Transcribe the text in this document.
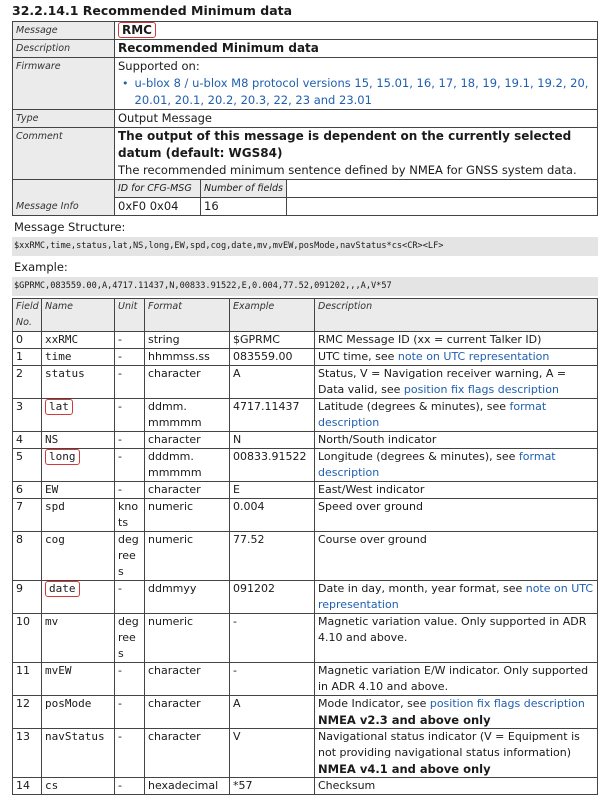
32.2.14.1 Recommended Minimum data
Message	RMC		
Description	Recommended Minimum data		
Firmware	Supported on:
• u-blox 8 / u-blox M8 protocol versions 15, 15.01, 16, 17, 18, 19, 19.1, 19.2, 20, 20.01, 20.1, 20.2, 20.3, 22, 23 and 23.01		

Type	Output Message		
Comment	The output of this message is dependent on the currently selected datum (default: WGS84)
The recommended minimum sentence defined by NMEA for GNSS system data.		

Message Info	ID for CFG-MSG	Number of fields	
	0xF0 0x04	16	
Message Structure:
$xxRMC,time,status,lat,NS,long,EW,spd,cog,date,mv,mvEW,posMode,navStatus*cs<CR><LF>
Example:
$GPRMC,083559.00,A,4717.11437,N,00833.91522,E,0.004,77.52,091202,,,A,V*57
Field No.	Name	Unit	Format	Example	Description
0	xxRMC	-	string	$GPRMC	RMC Message ID (xx = current Talker ID)
1	time	-	hhmmss.ss	083559.00	UTC time, see note on UTC representation
2	status	-	character	A	Status, V = Navigation receiver warning, A = Data valid, see position fix flags description
3	lat	-	ddmm. mmmmm	4717.11437	Latitude (degrees & minutes), see format description
4	NS	-	character	N	North/South indicator
5	long	-	dddmm. mmmmm	00833.91522	Longitude (degrees & minutes), see format description
6	EW	-	character	E	East/West indicator
7	spd	knots	numeric	0.004	Speed over ground
8	cog	degrees	numeric	77.52	Course over ground
9	date	-	ddmmyy	091202	Date in day, month, year format, see note on UTC representation
10	mv	degrees	numeric	-	Magnetic variation value. Only supported in ADR 4.10 and above.
11	mvEW	-	character	-	Magnetic variation E/W indicator. Only supported in ADR 4.10 and above.
12	posMode	-	character	A	Mode Indicator, see position fix flags description
NMEA v2.3 and above only

13	navStatus	-	character	V	Navigational status indicator (V = Equipment is not providing navigational status information)
NMEA v4.1 and above only

14	cs	-	hexadecimal	*57	Checksum
